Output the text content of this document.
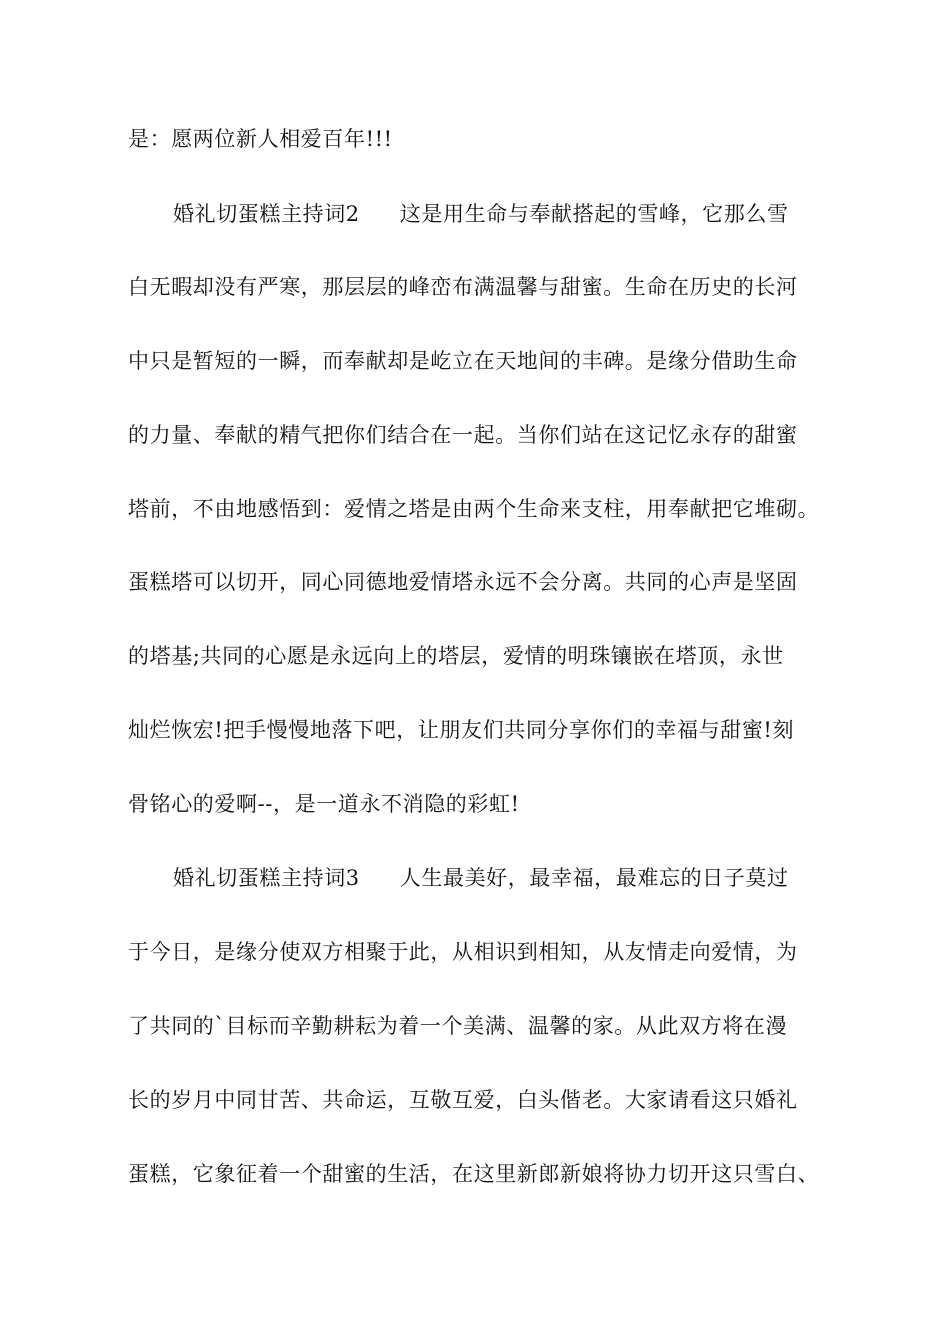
是：愿两位新人相爱百年!!!
婚礼切蛋糕主持词2 这是用生命与奉献搭起的雪峰，它那么雪
白无暇却没有严寒，那层层的峰峦布满温馨与甜蜜。生命在历史的长河
中只是暂短的一瞬，而奉献却是屹立在天地间的丰碑。是缘分借助生命
的力量、奉献的精气把你们结合在一起。当你们站在这记忆永存的甜蜜
塔前，不由地感悟到：爱情之塔是由两个生命来支柱，用奉献把它堆砌。
蛋糕塔可以切开，同心同德地爱情塔永远不会分离。共同的心声是坚固
的塔基;共同的心愿是永远向上的塔层，爱情的明珠镶嵌在塔顶，永世
灿烂恢宏!把手慢慢地落下吧，让朋友们共同分享你们的幸福与甜蜜!刻
骨铭心的爱啊--，是一道永不消隐的彩虹!
婚礼切蛋糕主持词3 人生最美好，最幸福，最难忘的日子莫过
于今日，是缘分使双方相聚于此，从相识到相知，从友情走向爱情，为
了共同的`目标而辛勤耕耘为着一个美满、温馨的家。从此双方将在漫
长的岁月中同甘苦、共命运，互敬互爱，白头偕老。大家请看这只婚礼
蛋糕，它象征着一个甜蜜的生活，在这里新郎新娘将协力切开这只雪白、
